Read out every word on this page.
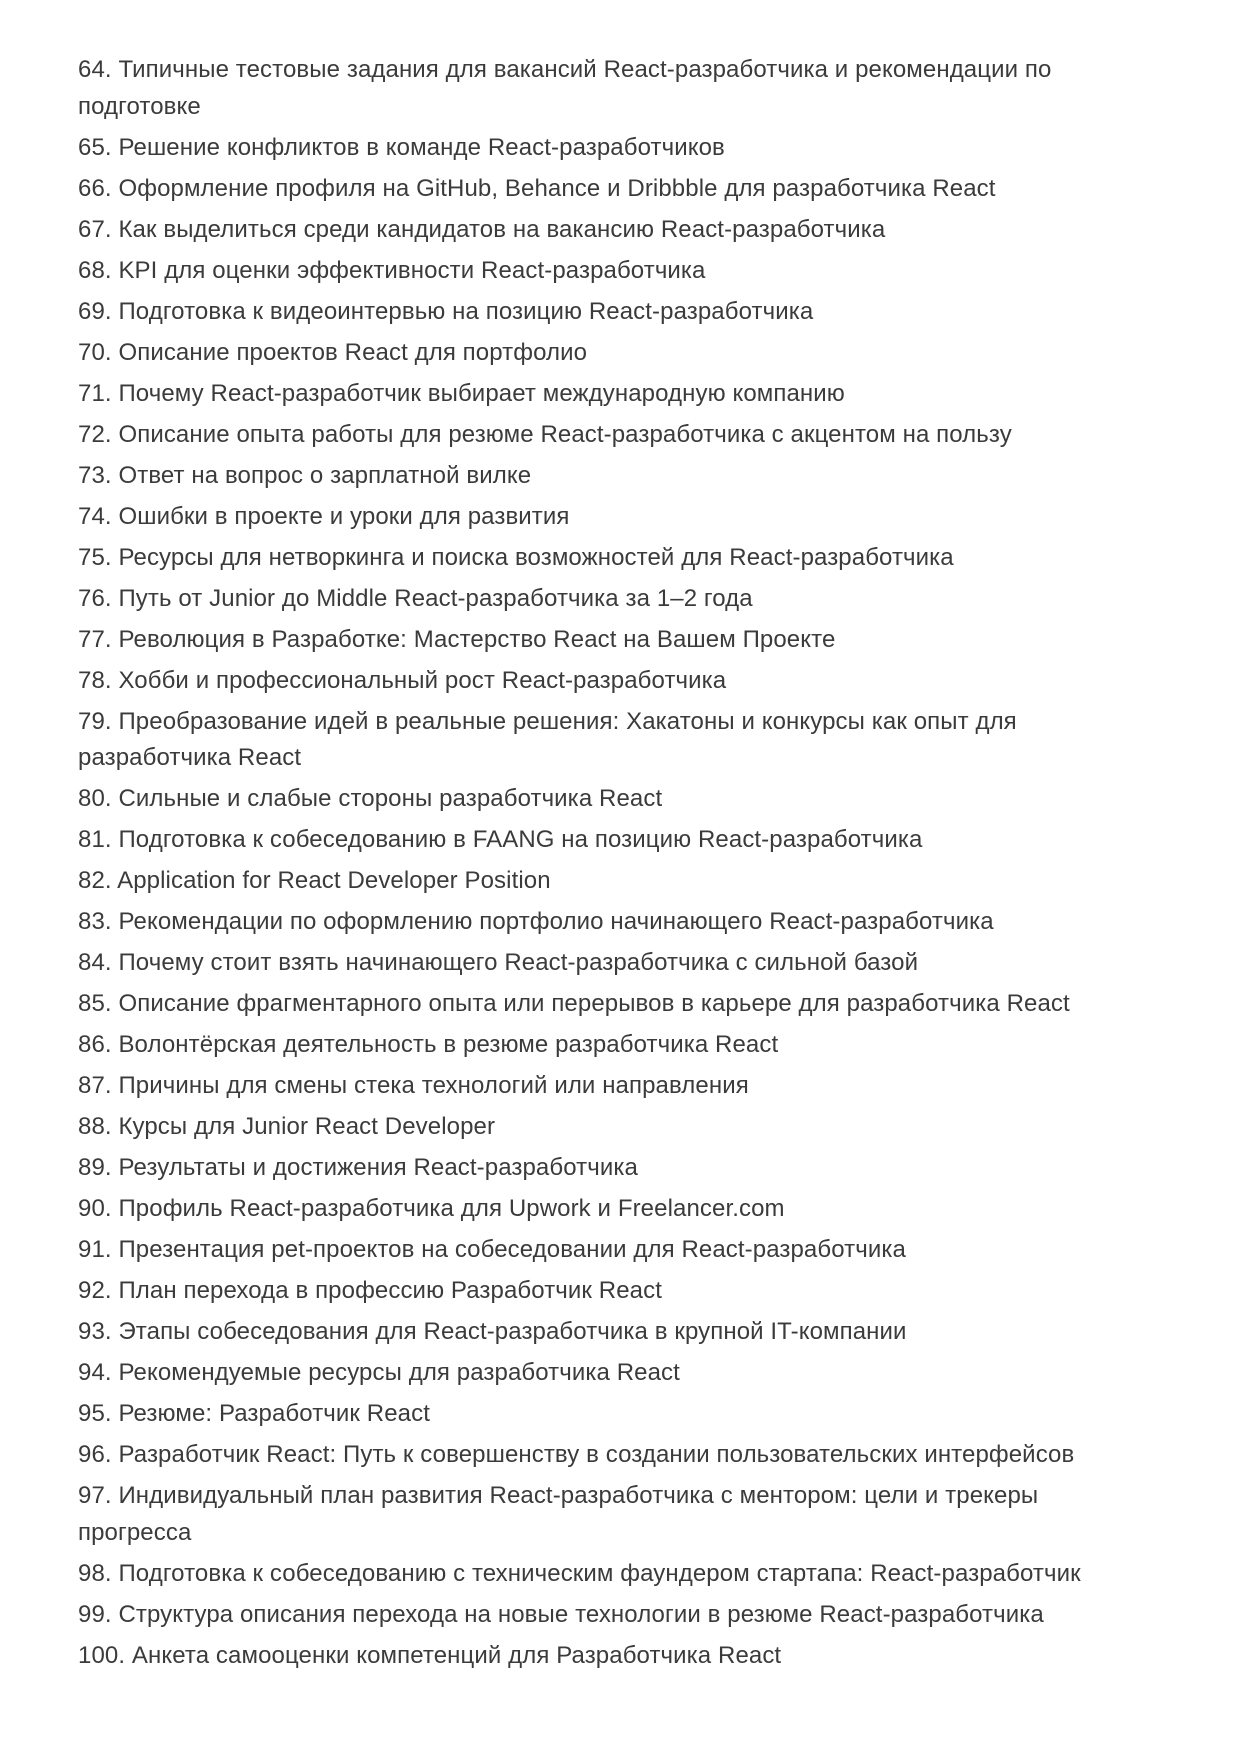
64. Типичные тестовые задания для вакансий React-разработчика и рекомендации по подготовке

65. Решение конфликтов в команде React-разработчиков

66. Оформление профиля на GitHub, Behance и Dribbble для разработчика React

67. Как выделиться среди кандидатов на вакансию React-разработчика

68. KPI для оценки эффективности React-разработчика

69. Подготовка к видеоинтервью на позицию React-разработчика

70. Описание проектов React для портфолио

71. Почему React-разработчик выбирает международную компанию

72. Описание опыта работы для резюме React-разработчика с акцентом на пользу

73. Ответ на вопрос о зарплатной вилке

74. Ошибки в проекте и уроки для развития

75. Ресурсы для нетворкинга и поиска возможностей для React-разработчика

76. Путь от Junior до Middle React-разработчика за 1–2 года

77. Революция в Разработке: Мастерство React на Вашем Проекте

78. Хобби и профессиональный рост React-разработчика

79. Преобразование идей в реальные решения: Хакатоны и конкурсы как опыт для разработчика React

80. Сильные и слабые стороны разработчика React

81. Подготовка к собеседованию в FAANG на позицию React-разработчика

82. Application for React Developer Position

83. Рекомендации по оформлению портфолио начинающего React-разработчика

84. Почему стоит взять начинающего React-разработчика с сильной базой

85. Описание фрагментарного опыта или перерывов в карьере для разработчика React

86. Волонтёрская деятельность в резюме разработчика React

87. Причины для смены стека технологий или направления

88. Курсы для Junior React Developer

89. Результаты и достижения React-разработчика

90. Профиль React-разработчика для Upwork и Freelancer.com

91. Презентация pet-проектов на собеседовании для React-разработчика

92. План перехода в профессию Разработчик React

93. Этапы собеседования для React-разработчика в крупной IT-компании

94. Рекомендуемые ресурсы для разработчика React

95. Резюме: Разработчик React

96. Разработчик React: Путь к совершенству в создании пользовательских интерфейсов

97. Индивидуальный план развития React-разработчика с ментором: цели и трекеры прогресса

98. Подготовка к собеседованию с техническим фаундером стартапа: React-разработчик

99. Структура описания перехода на новые технологии в резюме React-разработчика

100. Анкета самооценки компетенций для Разработчика React
